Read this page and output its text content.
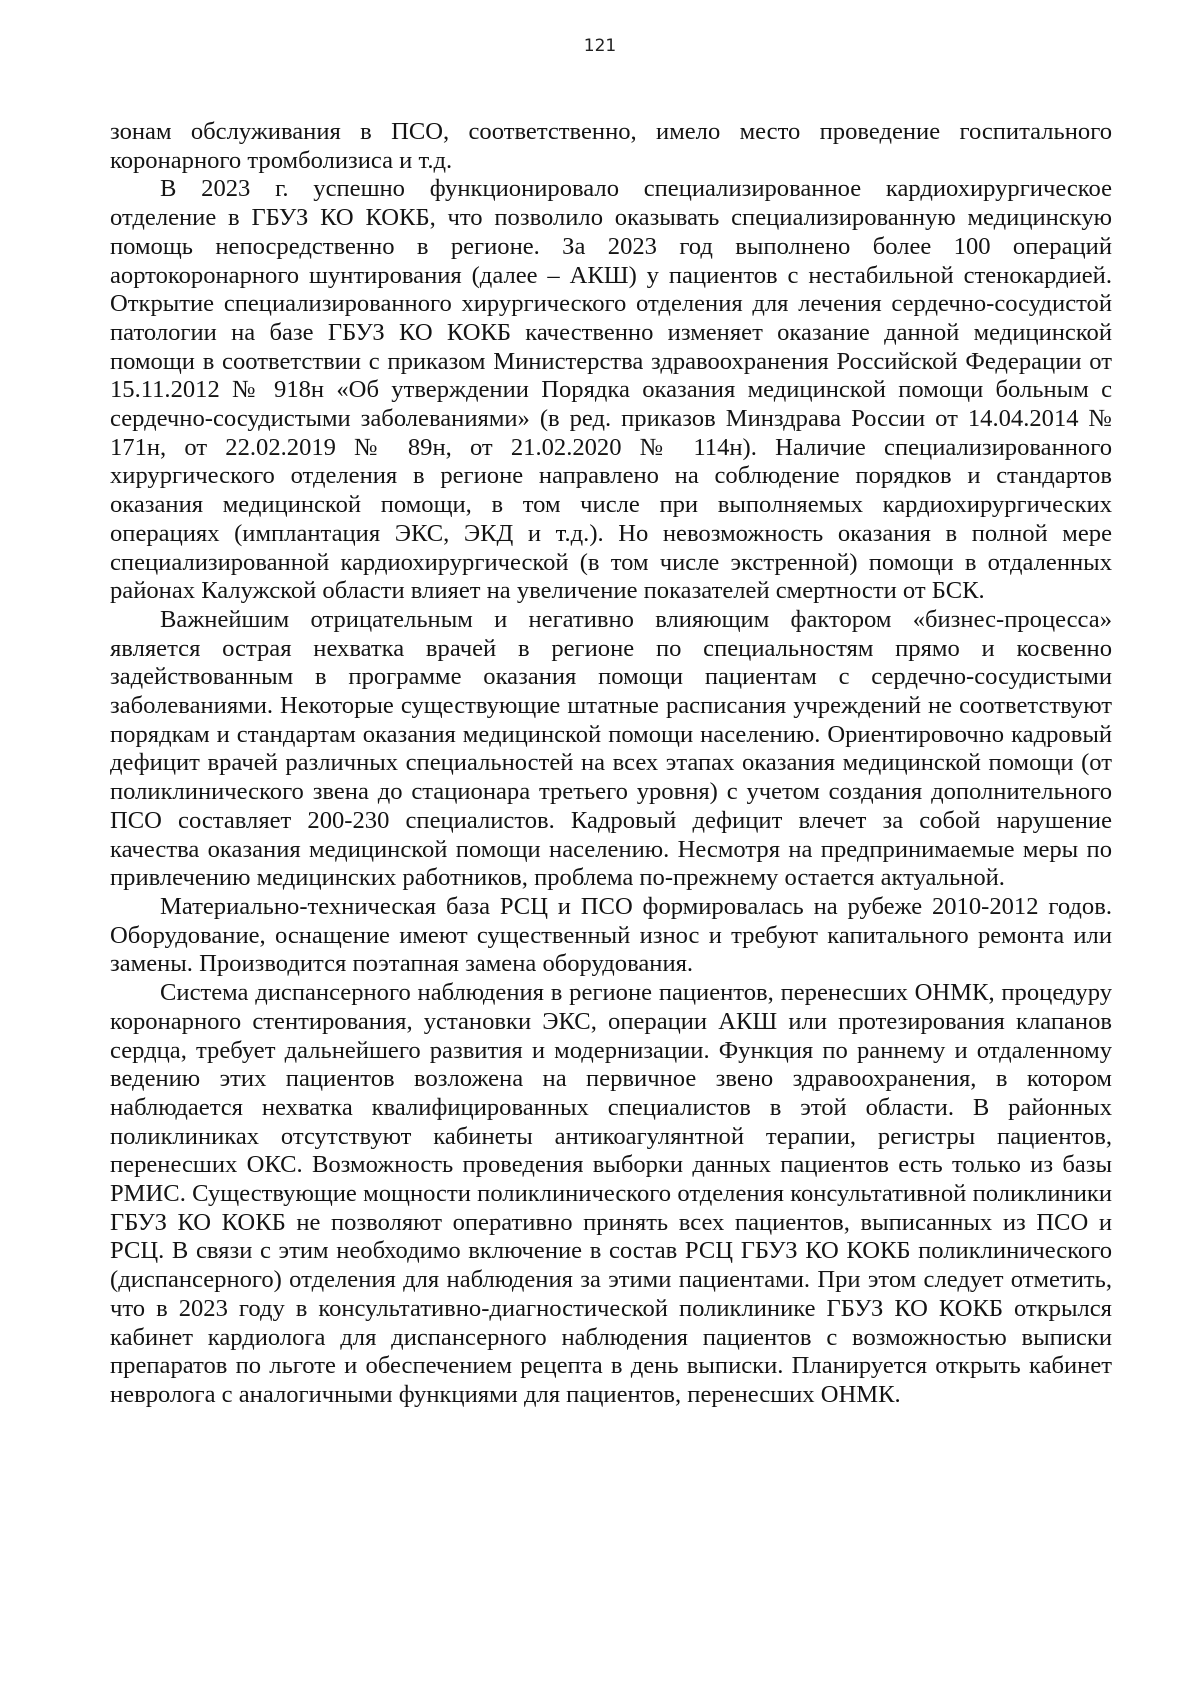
121

зонам обслуживания в ПСО, соответственно, имело место проведение госпитального коронарного тромболизиса и т.д.

В 2023 г. успешно функционировало специализированное кардиохирургическое отделение в ГБУЗ КО КОКБ, что позволило оказывать специализированную медицинскую помощь непосредственно в регионе. За 2023 год выполнено более 100 операций аортокоронарного шунтирования (далее – АКШ) у пациентов с нестабильной стенокардией. Открытие специализированного хирургического отделения для лечения сердечно-сосудистой патологии на базе ГБУЗ КО КОКБ качественно изменяет оказание данной медицинской помощи в соответствии с приказом Министерства здравоохранения Российской Федерации от 15.11.2012 № 918н «Об утверждении Порядка оказания медицинской помощи больным с сердечно-сосудистыми заболеваниями» (в ред. приказов Минздрава России от 14.04.2014 № 171н, от 22.02.2019 № 89н, от 21.02.2020 № 114н). Наличие специализированного хирургического отделения в регионе направлено на соблюдение порядков и стандартов оказания медицинской помощи, в том числе при выполняемых кардиохирургических операциях (имплантация ЭКС, ЭКД и т.д.). Но невозможность оказания в полной мере специализированной кардиохирургической (в том числе экстренной) помощи в отдаленных районах Калужской области влияет на увеличение показателей смертности от БСК.

Важнейшим отрицательным и негативно влияющим фактором «бизнес-процесса» является острая нехватка врачей в регионе по специальностям прямо и косвенно задействованным в программе оказания помощи пациентам с сердечно-сосудистыми заболеваниями. Некоторые существующие штатные расписания учреждений не соответствуют порядкам и стандартам оказания медицинской помощи населению. Ориентировочно кадровый дефицит врачей различных специальностей на всех этапах оказания медицинской помощи (от поликлинического звена до стационара третьего уровня) с учетом создания дополнительного ПСО составляет 200-230 специалистов. Кадровый дефицит влечет за собой нарушение качества оказания медицинской помощи населению. Несмотря на предпринимаемые меры по привлечению медицинских работников, проблема по-прежнему остается актуальной.

Материально-техническая база РСЦ и ПСО формировалась на рубеже 2010-2012 годов. Оборудование, оснащение имеют существенный износ и требуют капитального ремонта или замены. Производится поэтапная замена оборудования.

Система диспансерного наблюдения в регионе пациентов, перенесших ОНМК, процедуру коронарного стентирования, установки ЭКС, операции АКШ или протезирования клапанов сердца, требует дальнейшего развития и модернизации. Функция по раннему и отдаленному ведению этих пациентов возложена на первичное звено здравоохранения, в котором наблюдается нехватка квалифицированных специалистов в этой области. В районных поликлиниках отсутствуют кабинеты антикоагулянтной терапии, регистры пациентов, перенесших ОКС. Возможность проведения выборки данных пациентов есть только из базы РМИС. Существующие мощности поликлинического отделения консультативной поликлиники ГБУЗ КО КОКБ не позволяют оперативно принять всех пациентов, выписанных из ПСО и РСЦ. В связи с этим необходимо включение в состав РСЦ ГБУЗ КО КОКБ поликлинического (диспансерного) отделения для наблюдения за этими пациентами. При этом следует отметить, что в 2023 году в консультативно-диагностической поликлинике ГБУЗ КО КОКБ открылся кабинет кардиолога для диспансерного наблюдения пациентов с возможностью выписки препаратов по льготе и обеспечением рецепта в день выписки. Планируется открыть кабинет невролога с аналогичными функциями для пациентов, перенесших ОНМК.
